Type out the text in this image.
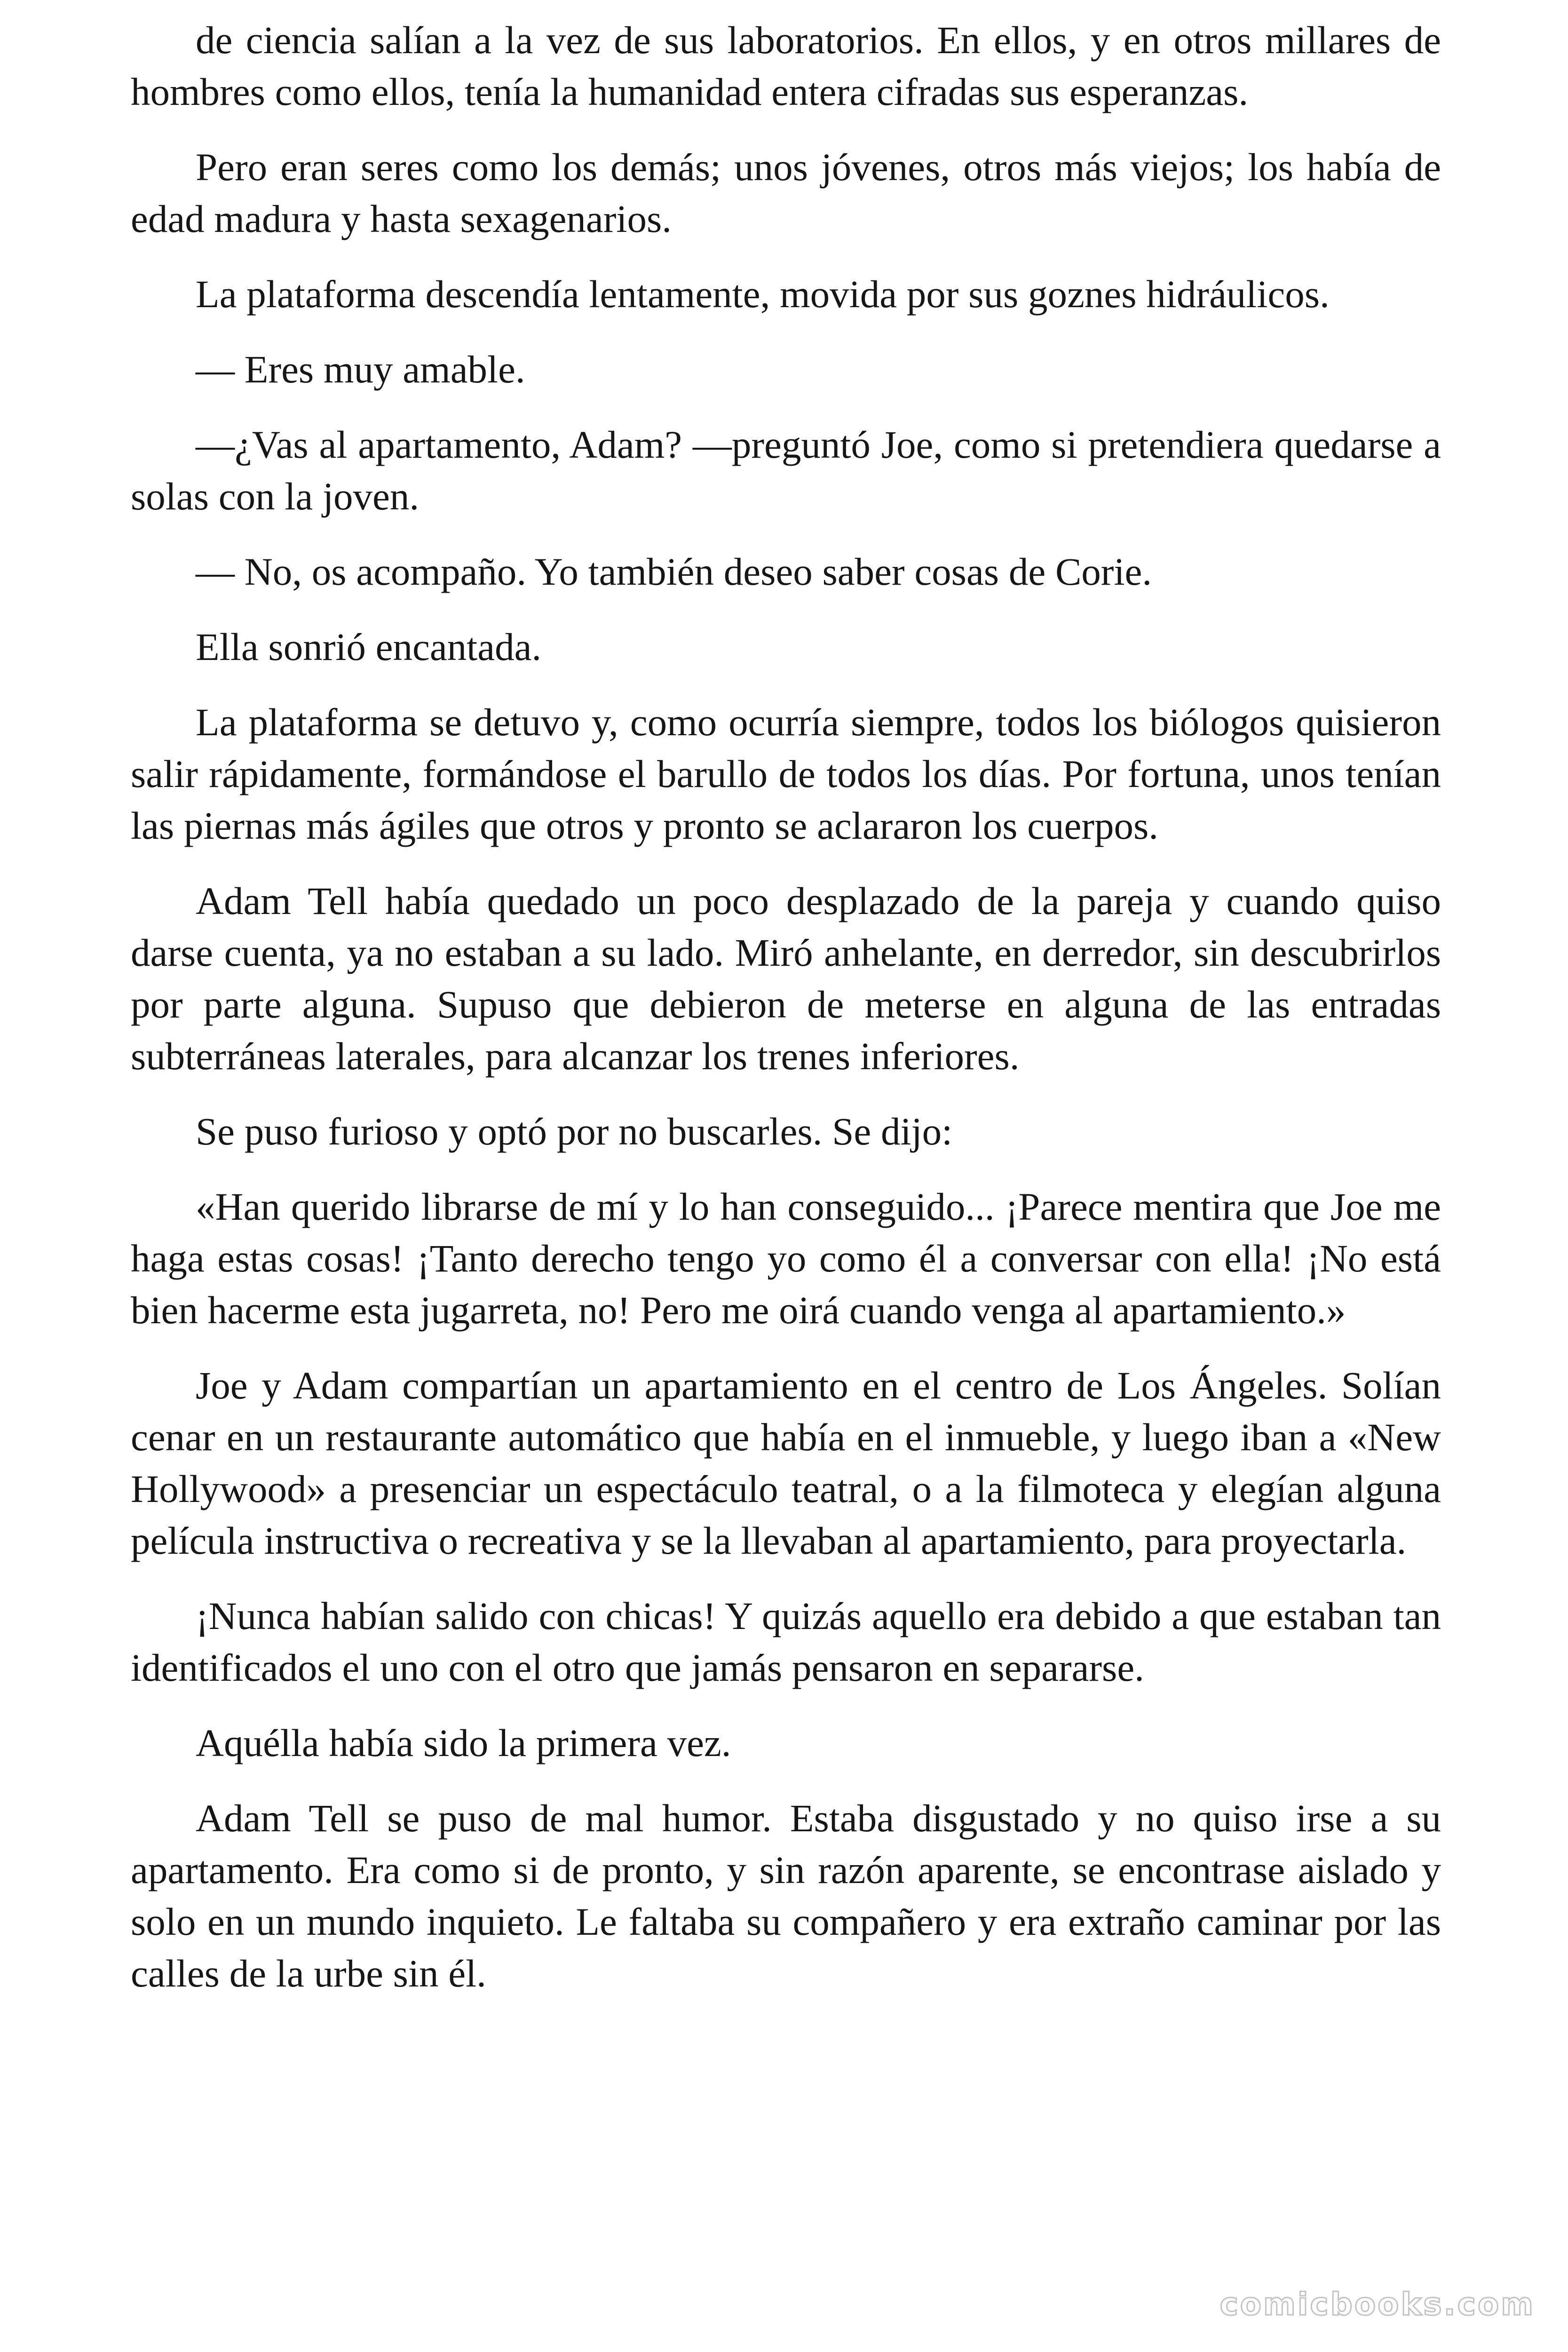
de ciencia salían a la vez de sus laboratorios. En ellos, y en otros millares de hombres como ellos, tenía la humanidad entera cifradas sus esperanzas.

Pero eran seres como los demás; unos jóvenes, otros más viejos; los había de edad madura y hasta sexagenarios.

La plataforma descendía lentamente, movida por sus goznes hidráulicos.

— Eres muy amable.

—¿Vas al apartamento, Adam? —preguntó Joe, como si pretendiera quedarse a solas con la joven.

— No, os acompaño. Yo también deseo saber cosas de Corie.

Ella sonrió encantada.

La plataforma se detuvo y, como ocurría siempre, todos los biólogos quisieron salir rápidamente, formándose el barullo de todos los días. Por fortuna, unos tenían las piernas más ágiles que otros y pronto se aclararon los cuerpos.

Adam Tell había quedado un poco desplazado de la pareja y cuando quiso darse cuenta, ya no estaban a su lado. Miró anhelante, en derredor, sin descubrirlos por parte alguna. Supuso que debieron de meterse en alguna de las entradas subterráneas laterales, para alcanzar los trenes inferiores.

Se puso furioso y optó por no buscarles. Se dijo:

«Han querido librarse de mí y lo han conseguido... ¡Parece mentira que Joe me haga estas cosas! ¡Tanto derecho tengo yo como él a conversar con ella! ¡No está bien hacerme esta jugarreta, no! Pero me oirá cuando venga al apartamiento.»

Joe y Adam compartían un apartamiento en el centro de Los Ángeles. Solían cenar en un restaurante automático que había en el inmueble, y luego iban a «New Hollywood» a presenciar un espectáculo teatral, o a la filmoteca y elegían alguna película instructiva o recreativa y se la llevaban al apartamiento, para proyectarla.

¡Nunca habían salido con chicas! Y quizás aquello era debido a que estaban tan identificados el uno con el otro que jamás pensaron en separarse.

Aquélla había sido la primera vez.

Adam Tell se puso de mal humor. Estaba disgustado y no quiso irse a su apartamento. Era como si de pronto, y sin razón aparente, se encontrase aislado y solo en un mundo inquieto. Le faltaba su compañero y era extraño caminar por las calles de la urbe sin él.

comicbooks.com
